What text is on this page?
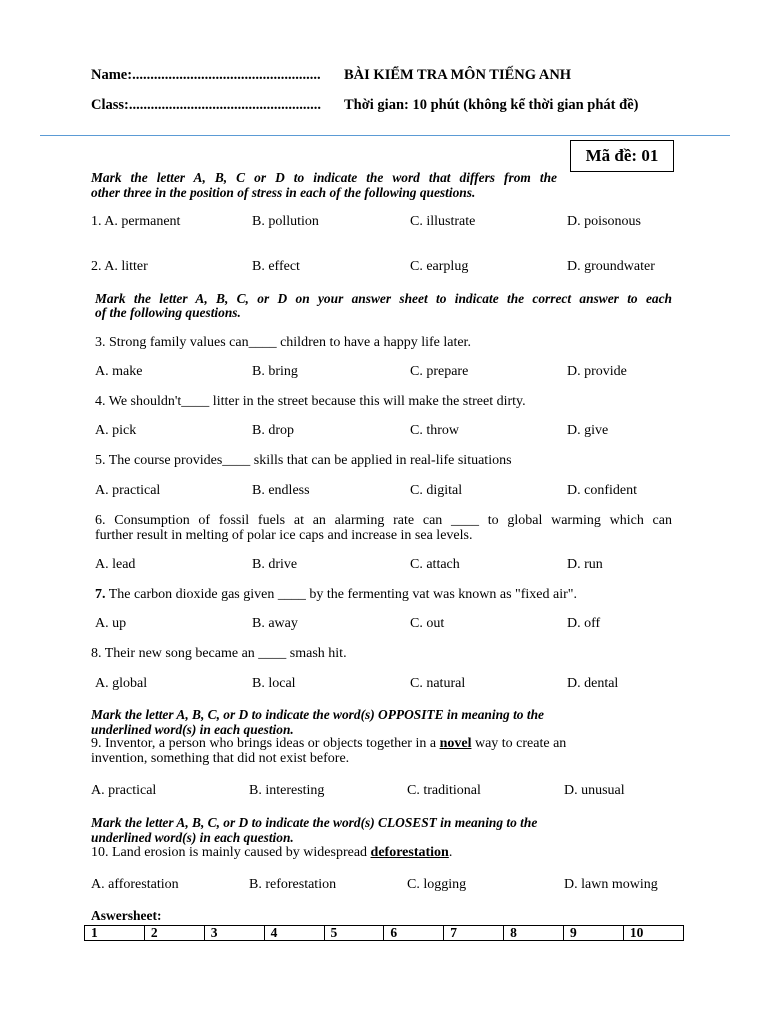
Name:.................................................... BÀI KIỂM TRA MÔN TIẾNG ANH
Class:..................................................... Thời gian: 10 phút (không kể thời gian phát đề)
Mã đề: 01
Mark the letter A, B, C or D to indicate the word that differs from the
other three in the position of stress in each of the following questions.
1. A. permanent	B. pollution	C. illustrate	D. poisonous
2. A. litter	B. effect	C. earplug	D. groundwater
Mark the letter A, B, C, or D on your answer sheet to indicate the correct answer to each
of the following questions.
3. Strong family values can____ children to have a happy life later.
A. make	B. bring	C. prepare	D. provide
4. We shouldn't____ litter in the street because this will make the street dirty.
A. pick	B. drop	C. throw	D. give
5. The course provides____ skills that can be applied in real-life situations
A. practical	B. endless	C. digital	D. confident
6. Consumption of fossil fuels at an alarming rate can ____ to global warming which can
further result in melting of polar ice caps and increase in sea levels.
A. lead	B. drive	C. attach	D. run
7. The carbon dioxide gas given ____ by the fermenting vat was known as "fixed air".
A. up	B. away	C. out	D. off
8. Their new song became an ____ smash hit.
A. global	B. local	C. natural	D. dental
Mark the letter A, B, C, or D to indicate the word(s) OPPOSITE in meaning to the
underlined word(s) in each question.
9. Inventor, a person who brings ideas or objects together in a novel way to create an
invention, something that did not exist before.
A. practical	B. interesting	C. traditional	D. unusual
Mark the letter A, B, C, or D to indicate the word(s) CLOSEST in meaning to the
underlined word(s) in each question.
10. Land erosion is mainly caused by widespread deforestation.
A. afforestation	B. reforestation	C. logging	D. lawn mowing
Aswersheet:
1	2	3	4	5	6	7	8	9	10
